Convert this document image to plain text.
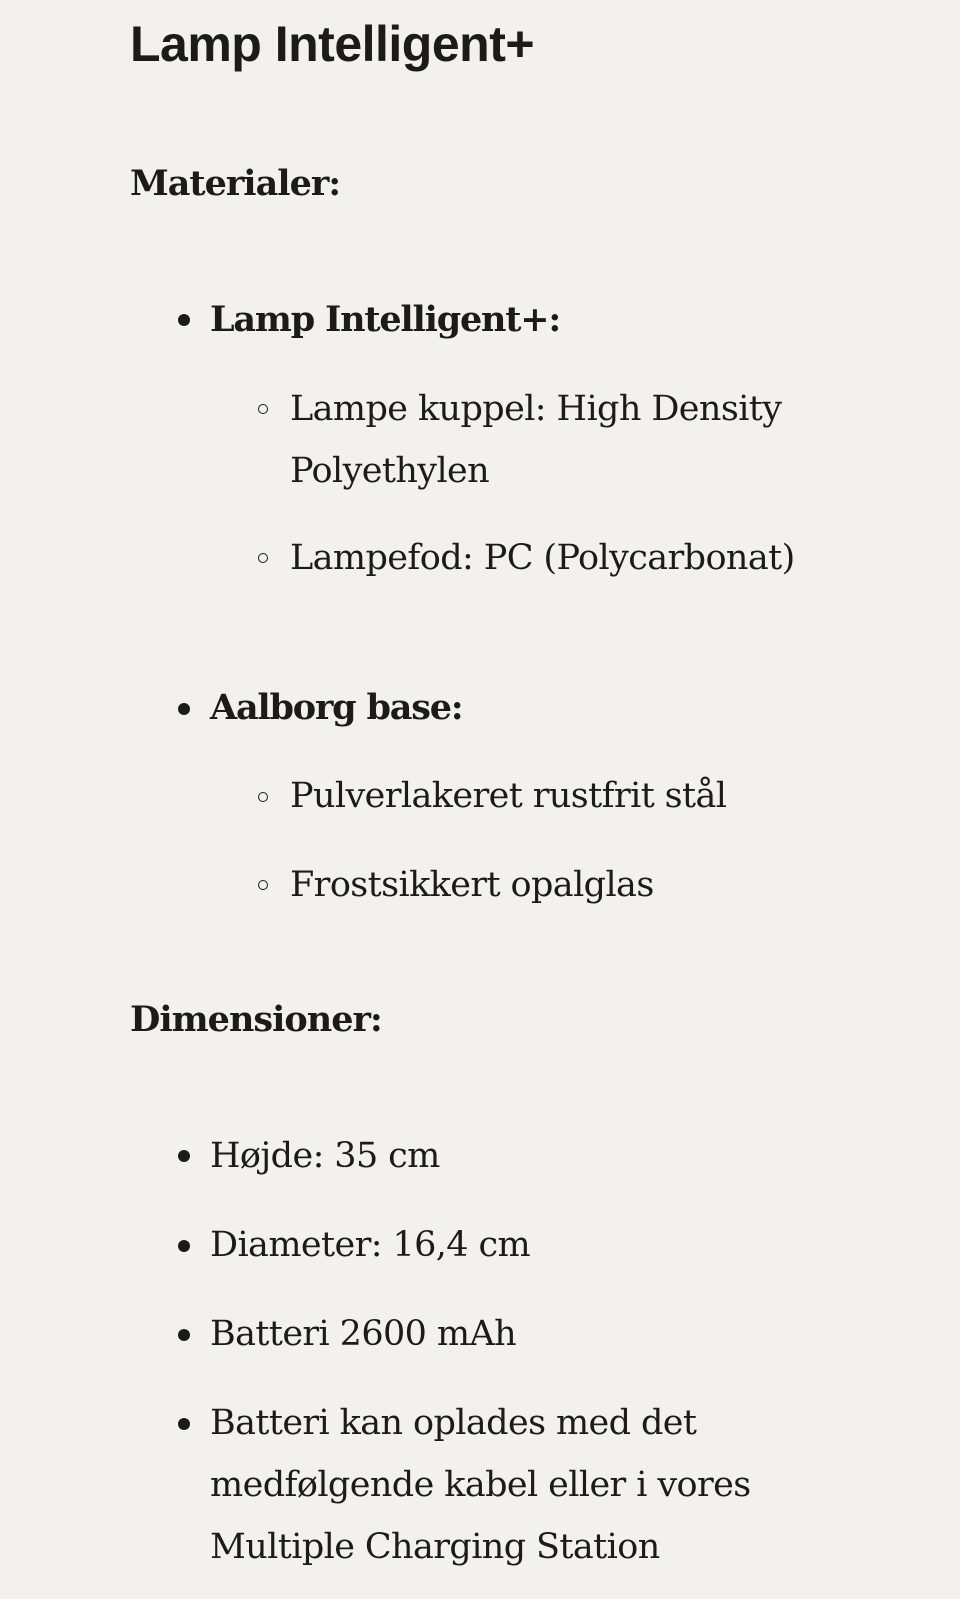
Lamp Intelligent+
Materialer:
Lamp Intelligent+:
Lampe kuppel: High Density
Polyethylen
Lampefod: PC (Polycarbonat)
Aalborg base:
Pulverlakeret rustfrit stål
Frostsikkert opalglas
Dimensioner:
Højde: 35 cm
Diameter: 16,4 cm
Batteri 2600 mAh
Batteri kan oplades med det
medfølgende kabel eller i vores
Multiple Charging Station
